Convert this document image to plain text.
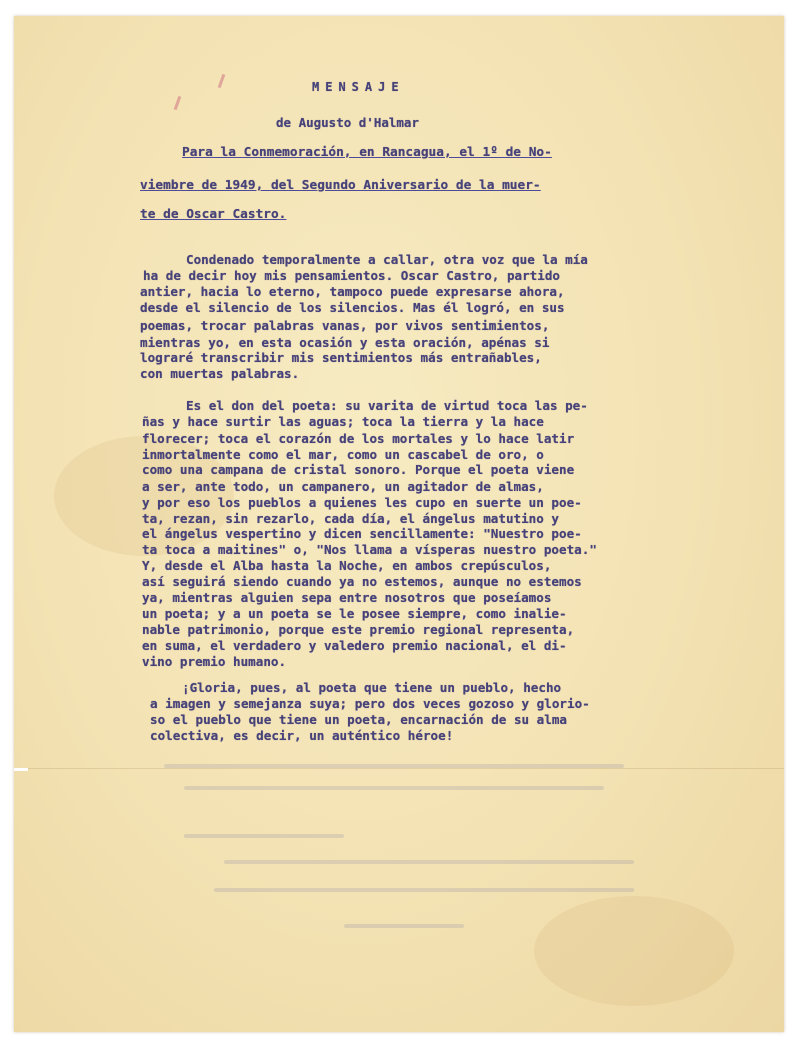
MENSAJE
de Augusto d'Halmar
Para la Conmemoración, en Rancagua, el 1º de No-
viembre de 1949, del Segundo Aniversario de la muer-
te de Oscar Castro.
Condenado temporalmente a callar, otra voz que la mía
ha de decir hoy mis pensamientos. Oscar Castro, partido
antier, hacia lo eterno, tampoco puede expresarse ahora,
desde el silencio de los silencios. Mas él logró, en sus
poemas, trocar palabras vanas, por vivos sentimientos,
mientras yo, en esta ocasión y esta oración, apénas si
lograré transcribir mis sentimientos más entrañables,
con muertas palabras.
Es el don del poeta: su varita de virtud toca las pe-
ñas y hace surtir las aguas; toca la tierra y la hace
florecer; toca el corazón de los mortales y lo hace latir
inmortalmente como el mar, como un cascabel de oro, o
como una campana de cristal sonoro. Porque el poeta viene
a ser, ante todo, un campanero, un agitador de almas,
y por eso los pueblos a quienes les cupo en suerte un poe-
ta, rezan, sin rezarlo, cada día, el ángelus matutino y
el ángelus vespertino y dicen sencillamente: "Nuestro poe-
ta toca a maitines" o, "Nos llama a vísperas nuestro poeta."
Y, desde el Alba hasta la Noche, en ambos crepúsculos,
así seguirá siendo cuando ya no estemos, aunque no estemos
ya, mientras alguien sepa entre nosotros que poseíamos
un poeta; y a un poeta se le posee siempre, como inalie-
nable patrimonio, porque este premio regional representa,
en suma, el verdadero y valedero premio nacional, el di-
vino premio humano.
¡Gloria, pues, al poeta que tiene un pueblo, hecho
a imagen y semejanza suya; pero dos veces gozoso y glorio-
so el pueblo que tiene un poeta, encarnación de su alma
colectiva, es decir, un auténtico héroe!
